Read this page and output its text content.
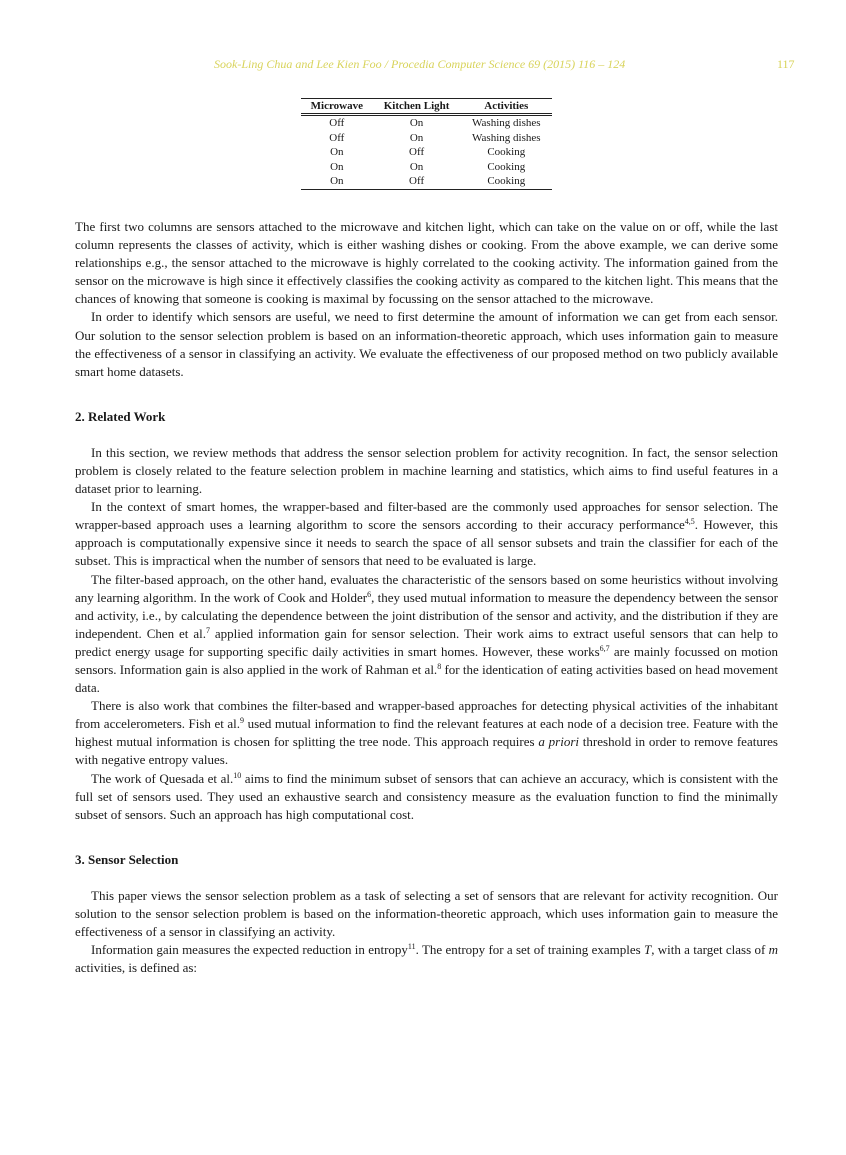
Sook-Ling Chua and Lee Kien Foo / Procedia Computer Science 69 (2015) 116 – 124	117
Microwave	Kitchen Light	Activities
Off	On	Washing dishes
Off	On	Washing dishes
On	Off	Cooking
On	On	Cooking
On	Off	Cooking

The first two columns are sensors attached to the microwave and kitchen light, which can take on the value on or off, while the last column represents the classes of activity, which is either washing dishes or cooking. From the above example, we can derive some relationships e.g., the sensor attached to the microwave is highly correlated to the cooking activity. The information gained from the sensor on the microwave is high since it effectively classifies the cooking activity as compared to the kitchen light. This means that the chances of knowing that someone is cooking is maximal by focussing on the sensor attached to the microwave.

In order to identify which sensors are useful, we need to first determine the amount of information we can get from each sensor. Our solution to the sensor selection problem is based on an information-theoretic approach, which uses information gain to measure the effectiveness of a sensor in classifying an activity. We evaluate the effectiveness of our proposed method on two publicly available smart home datasets.

2. Related Work

In this section, we review methods that address the sensor selection problem for activity recognition. In fact, the sensor selection problem is closely related to the feature selection problem in machine learning and statistics, which aims to find useful features in a dataset prior to learning.

In the context of smart homes, the wrapper-based and filter-based are the commonly used approaches for sensor selection. The wrapper-based approach uses a learning algorithm to score the sensors according to their accuracy performance$^{4,5}$. However, this approach is computationally expensive since it needs to search the space of all sensor subsets and train the classifier for each of the subset. This is impractical when the number of sensors that need to be evaluated is large.

The filter-based approach, on the other hand, evaluates the characteristic of the sensors based on some heuristics without involving any learning algorithm. In the work of Cook and Holder$^6$, they used mutual information to measure the dependency between the sensor and activity, i.e., by calculating the dependence between the joint distribution of the sensor and activity, and the distribution if they are independent. Chen et al.$^7$ applied information gain for sensor selection. Their work aims to extract useful sensors that can help to predict energy usage for supporting specific daily activities in smart homes. However, these works$^{6,7}$ are mainly focussed on motion sensors. Information gain is also applied in the work of Rahman et al.$^8$ for the identication of eating activities based on head movement data.

There is also work that combines the filter-based and wrapper-based approaches for detecting physical activities of the inhabitant from accelerometers. Fish et al.$^9$ used mutual information to find the relevant features at each node of a decision tree. Feature with the highest mutual information is chosen for splitting the tree node. This approach requires a priori threshold in order to remove features with negative entropy values.

The work of Quesada et al.$^{10}$ aims to find the minimum subset of sensors that can achieve an accuracy, which is consistent with the full set of sensors used. They used an exhaustive search and consistency measure as the evaluation function to find the minimally subset of sensors. Such an approach has high computational cost.

3. Sensor Selection

This paper views the sensor selection problem as a task of selecting a set of sensors that are relevant for activity recognition. Our solution to the sensor selection problem is based on the information-theoretic approach, which uses information gain to measure the effectiveness of a sensor in classifying an activity.

Information gain measures the expected reduction in entropy$^{11}$. The entropy for a set of training examples T, with a target class of m activities, is defined as:
